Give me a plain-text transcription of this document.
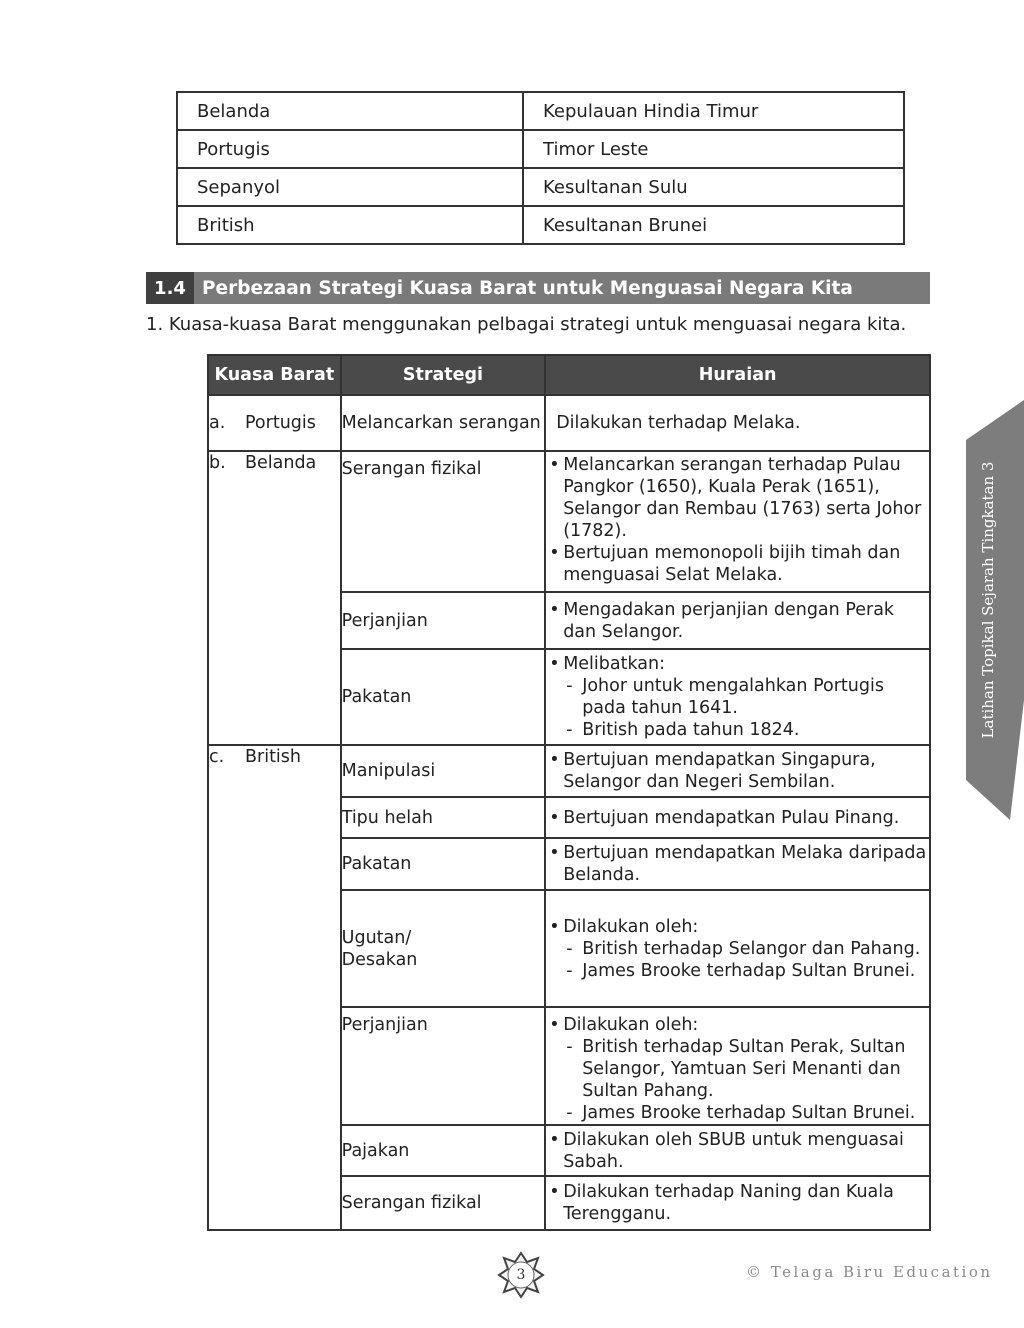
Belanda	Kepulauan Hindia Timur
Portugis	Timor Leste
Sepanyol	Kesultanan Sulu
British	Kesultanan Brunei
1.4 Perbezaan Strategi Kuasa Barat untuk Menguasai Negara Kita
1. Kuasa-kuasa Barat menggunakan pelbagai strategi untuk menguasai negara kita.
Kuasa Barat	Strategi	Huraian
a. Portugis	Melancarkan serangan	Dilakukan terhadap Melaka.

b. Belanda	Serangan fizikal	• Melancarkan serangan terhadap Pulau Pangkor (1650), Kuala Perak (1651), Selangor dan Rembau (1763) serta Johor (1782).
• Bertujuan memonopoli bijih timah dan menguasai Selat Melaka.

	Perjanjian	• Mengadakan perjanjian dengan Perak dan Selangor.

	Pakatan	• Melibatkan:
- Johor untuk mengalahkan Portugis pada tahun 1641.
- British pada tahun 1824.

c. British	Manipulasi	• Bertujuan mendapatkan Singapura, Selangor dan Negeri Sembilan.

	Tipu helah	• Bertujuan mendapatkan Pulau Pinang.

	Pakatan	• Bertujuan mendapatkan Melaka daripada Belanda.

	Ugutan/ Desakan	• Dilakukan oleh:
- British terhadap Selangor dan Pahang.
- James Brooke terhadap Sultan Brunei.

	Perjanjian	• Dilakukan oleh:
- British terhadap Sultan Perak, Sultan Selangor, Yamtuan Seri Menanti dan Sultan Pahang.
- James Brooke terhadap Sultan Brunei.

	Pajakan	• Dilakukan oleh SBUB untuk menguasai Sabah.

	Serangan fizikal	• Dilakukan terhadap Naning dan Kuala Terengganu.
Latihan Topikal Sejarah Tingkatan 3
3	© Telaga Biru Education
